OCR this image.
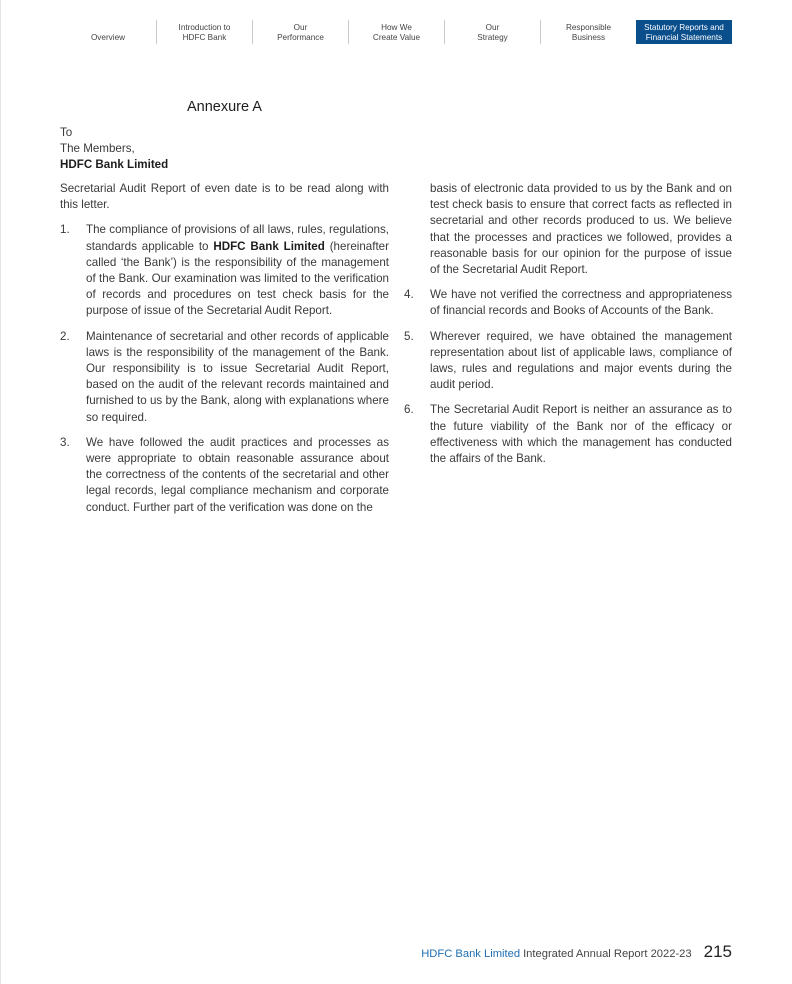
Overview
Introduction to
HDFC Bank
Our
Performance
How We
Create Value
Our
Strategy
Responsible
Business
Statutory Reports and
Financial Statements
Annexure A
To
The Members,
HDFC Bank Limited

Secretarial Audit Report of even date is to be read along with this letter.

1.	The compliance of provisions of all laws, rules, regulations, standards applicable to HDFC Bank Limited (hereinafter called ‘the Bank’) is the responsibility of the management of the Bank. Our examination was limited to the verification of records and procedures on test check basis for the purpose of issue of the Secretarial Audit Report.
2.	Maintenance of secretarial and other records of applicable laws is the responsibility of the management of the Bank. Our responsibility is to issue Secretarial Audit Report, based on the audit of the relevant records maintained and furnished to us by the Bank, along with explanations where so required.
3.	We have followed the audit practices and processes as were appropriate to obtain reasonable assurance about the correctness of the contents of the secretarial and other legal records, legal compliance mechanism and corporate conduct. Further part of the verification was done on the

basis of electronic data provided to us by the Bank and on test check basis to ensure that correct facts as reflected in secretarial and other records produced to us. We believe that the processes and practices we followed, provides a reasonable basis for our opinion for the purpose of issue of the Secretarial Audit Report.

4.	We have not verified the correctness and appropriateness of financial records and Books of Accounts of the Bank.
5.	Wherever required, we have obtained the management representation about list of applicable laws, compliance of laws, rules and regulations and major events during the audit period.
6.	The Secretarial Audit Report is neither an assurance as to the future viability of the Bank nor of the efficacy or effectiveness with which the management has conducted the affairs of the Bank.
HDFC Bank Limited Integrated Annual Report 2022-23 215
